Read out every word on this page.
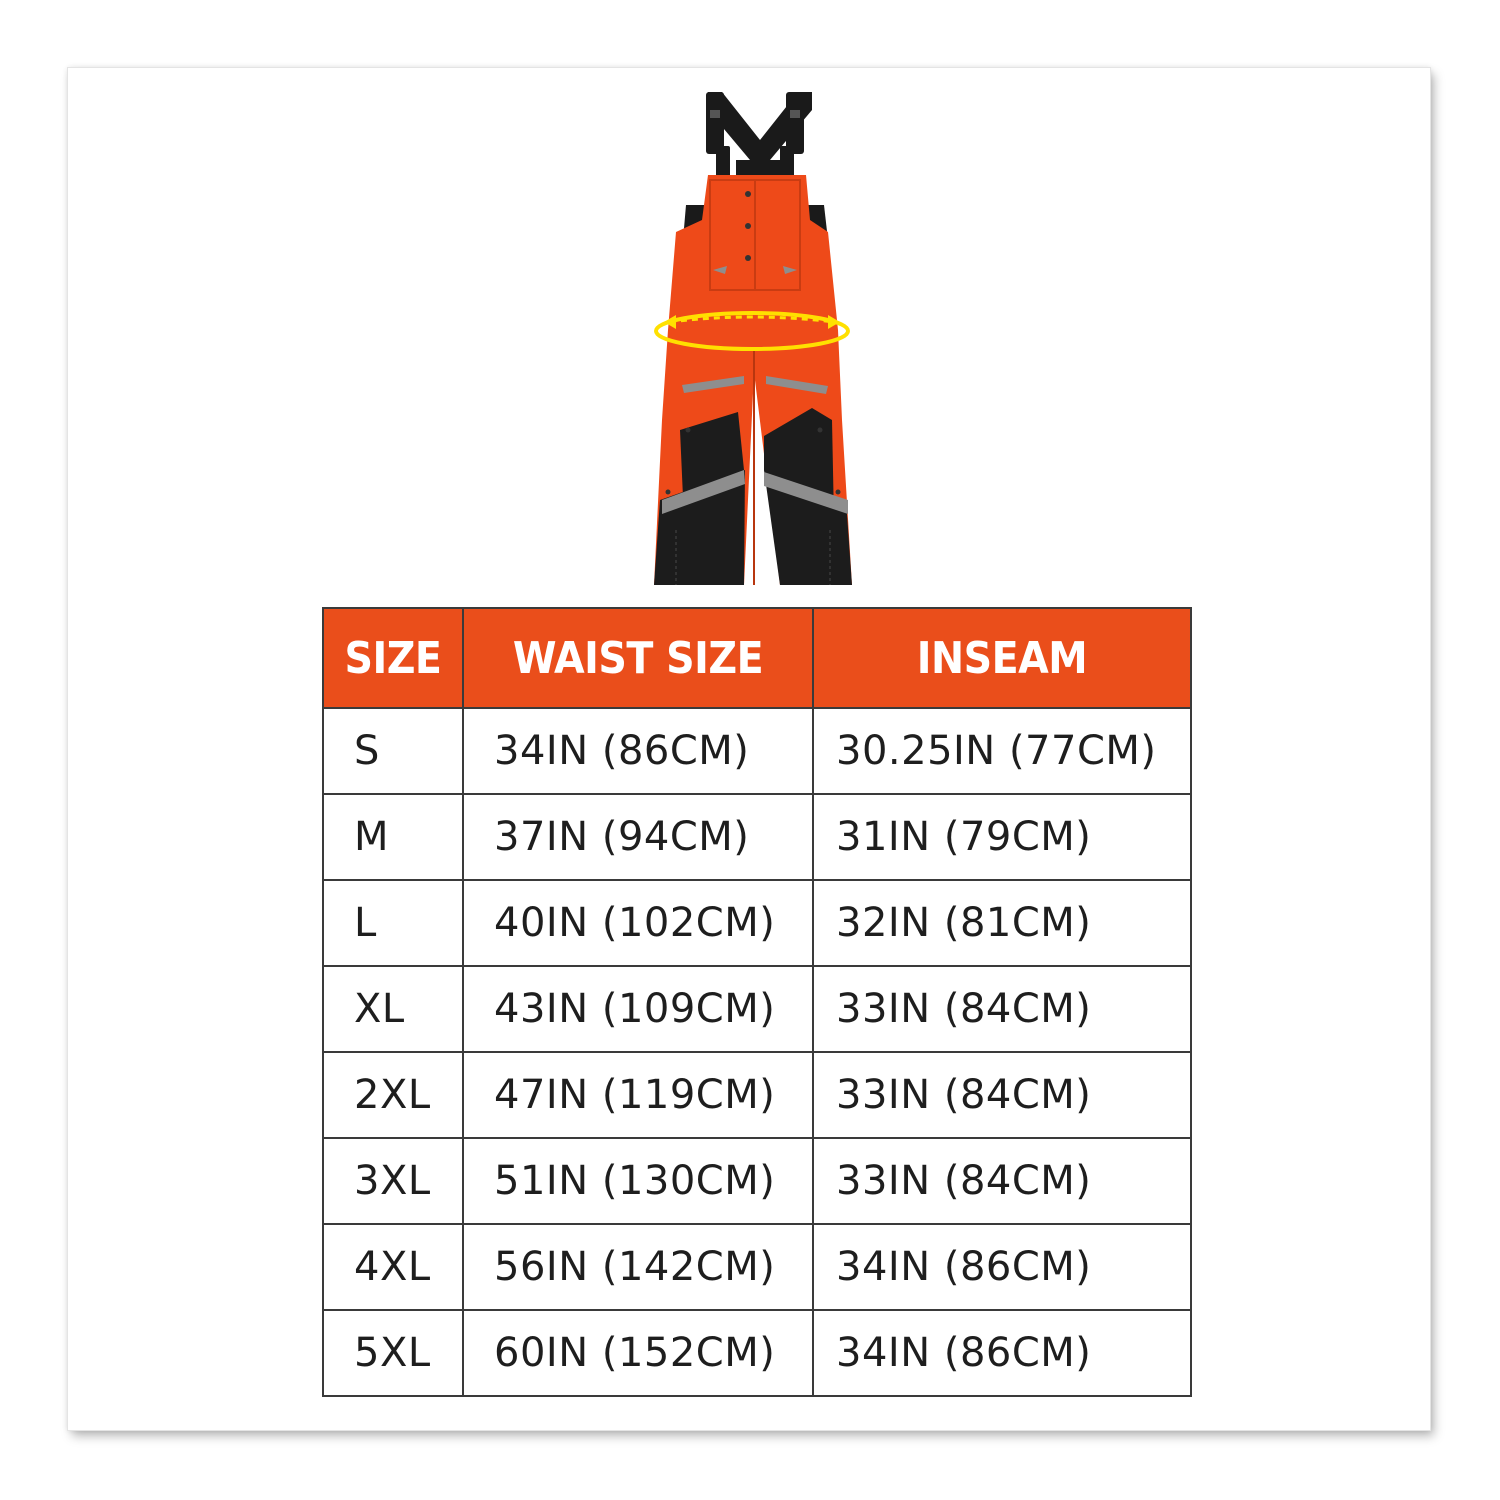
SIZE	WAIST SIZE	INSEAM
S	34IN (86CM)	30.25IN (77CM)
M	37IN (94CM)	31IN (79CM)
L	40IN (102CM)	32IN (81CM)
XL	43IN (109CM)	33IN (84CM)
2XL	47IN (119CM)	33IN (84CM)
3XL	51IN (130CM)	33IN (84CM)
4XL	56IN (142CM)	34IN (86CM)
5XL	60IN (152CM)	34IN (86CM)
